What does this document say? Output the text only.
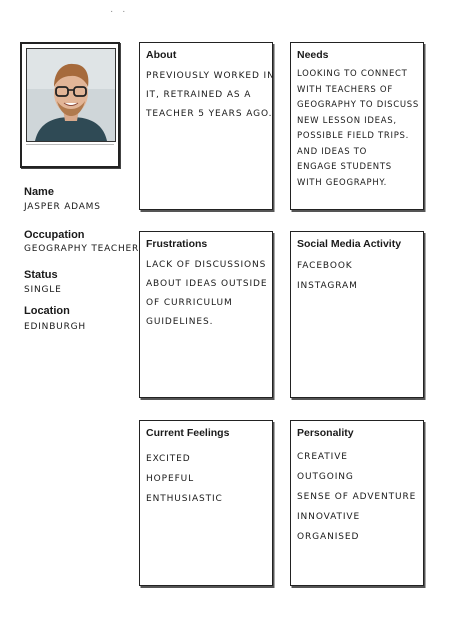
· ·
Name
JASPER ADAMS
Occupation
GEOGRAPHY TEACHER
Status
SINGLE
Location
EDINBURGH
About
PREVIOUSLY WORKED IN
IT, RETRAINED AS A
TEACHER 5 YEARS AGO.
Needs
LOOKING TO CONNECT
WITH TEACHERS OF
GEOGRAPHY TO DISCUSS
NEW LESSON IDEAS,
POSSIBLE FIELD TRIPS.
AND IDEAS TO
ENGAGE STUDENTS
WITH GEOGRAPHY.
Frustrations
LACK OF DISCUSSIONS
ABOUT IDEAS OUTSIDE
OF CURRICULUM
GUIDELINES.
Social Media Activity
FACEBOOK
INSTAGRAM
Current Feelings
EXCITED
HOPEFUL
ENTHUSIASTIC
Personality
CREATIVE
OUTGOING
SENSE OF ADVENTURE
INNOVATIVE
ORGANISED
